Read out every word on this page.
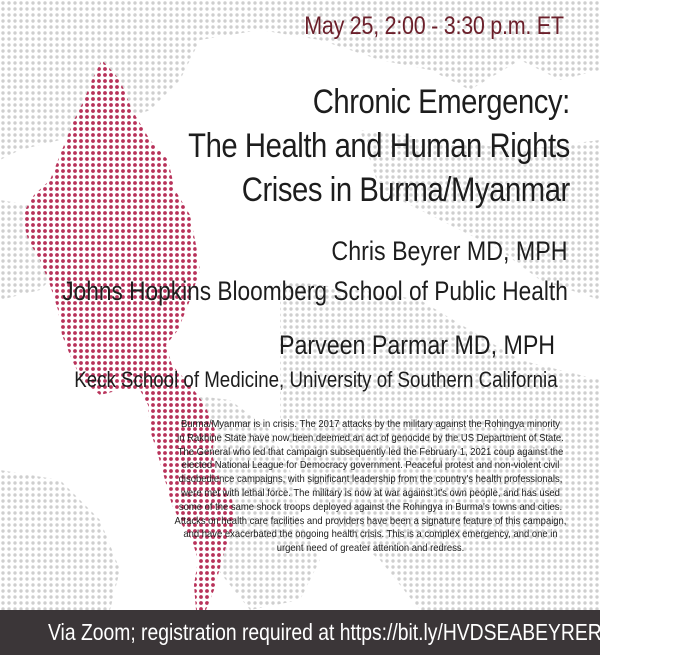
May 25, 2:00 - 3:30 p.m. ET
Chronic Emergency:
The Health and Human Rights
Crises in Burma/Myanmar
Chris Beyrer MD, MPH
Johns Hopkins Bloomberg School of Public Health
Parveen Parmar MD, MPH
Keck School of Medicine, University of Southern California
Burma/Myanmar is in crisis. The 2017 attacks by the military against the Rohingya minority
in Rakhine State have now been deemed an act of genocide by the US Department of State.
The General who led that campaign subsequently led the February 1, 2021 coup against the
elected National League for Democracy government. Peaceful protest and non-violent civil
disobedience campaigns, with significant leadership from the country's health professionals,
were met with lethal force. The military is now at war against it's own people, and has used
some of the same shock troops deployed against the Rohingya in Burma's towns and cities.
Attacks on health care facilities and providers have been a signature feature of this campaign,
and have exacerbated the ongoing health crisis. This is a complex emergency, and one in
urgent need of greater attention and redress.
Via Zoom; registration required at https://bit.ly/HVDSEABEYRERPARMAR
